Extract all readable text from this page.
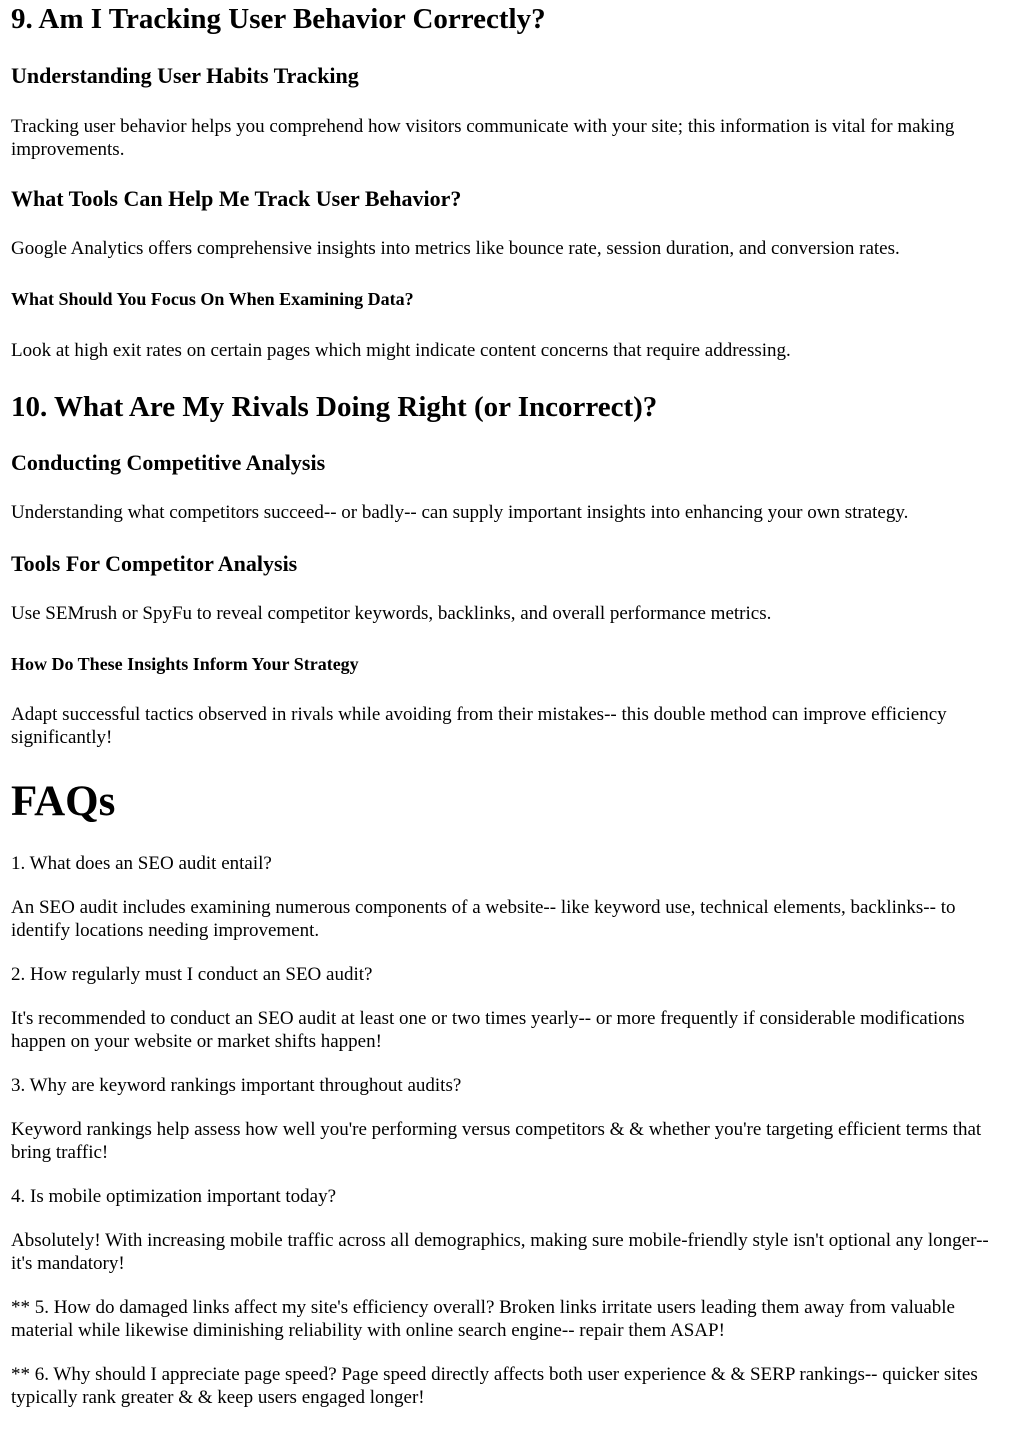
9. Am I Tracking User Behavior Correctly?
Understanding User Habits Tracking

Tracking user behavior helps you comprehend how visitors communicate with your site; this information is vital for making improvements.

What Tools Can Help Me Track User Behavior?

Google Analytics offers comprehensive insights into metrics like bounce rate, session duration, and conversion rates.

What Should You Focus On When Examining Data?

Look at high exit rates on certain pages which might indicate content concerns that require addressing.

10. What Are My Rivals Doing Right (or Incorrect)?
Conducting Competitive Analysis

Understanding what competitors succeed-- or badly-- can supply important insights into enhancing your own strategy.

Tools For Competitor Analysis

Use SEMrush or SpyFu to reveal competitor keywords, backlinks, and overall performance metrics.

How Do These Insights Inform Your Strategy

Adapt successful tactics observed in rivals while avoiding from their mistakes-- this double method can improve efficiency significantly!

FAQs

1. What does an SEO audit entail?

An SEO audit includes examining numerous components of a website-- like keyword use, technical elements, backlinks-- to identify locations needing improvement.

2. How regularly must I conduct an SEO audit?

It's recommended to conduct an SEO audit at least one or two times yearly-- or more frequently if considerable modifications happen on your website or market shifts happen!

3. Why are keyword rankings important throughout audits?

Keyword rankings help assess how well you're performing versus competitors & & whether you're targeting efficient terms that bring traffic!

4. Is mobile optimization important today?

Absolutely! With increasing mobile traffic across all demographics, making sure mobile-friendly style isn't optional any longer-- it's mandatory!

** 5. How do damaged links affect my site's efficiency overall? Broken links irritate users leading them away from valuable material while likewise diminishing reliability with online search engine-- repair them ASAP!

** 6. Why should I appreciate page speed? Page speed directly affects both user experience & & SERP rankings-- quicker sites typically rank greater & & keep users engaged longer!
